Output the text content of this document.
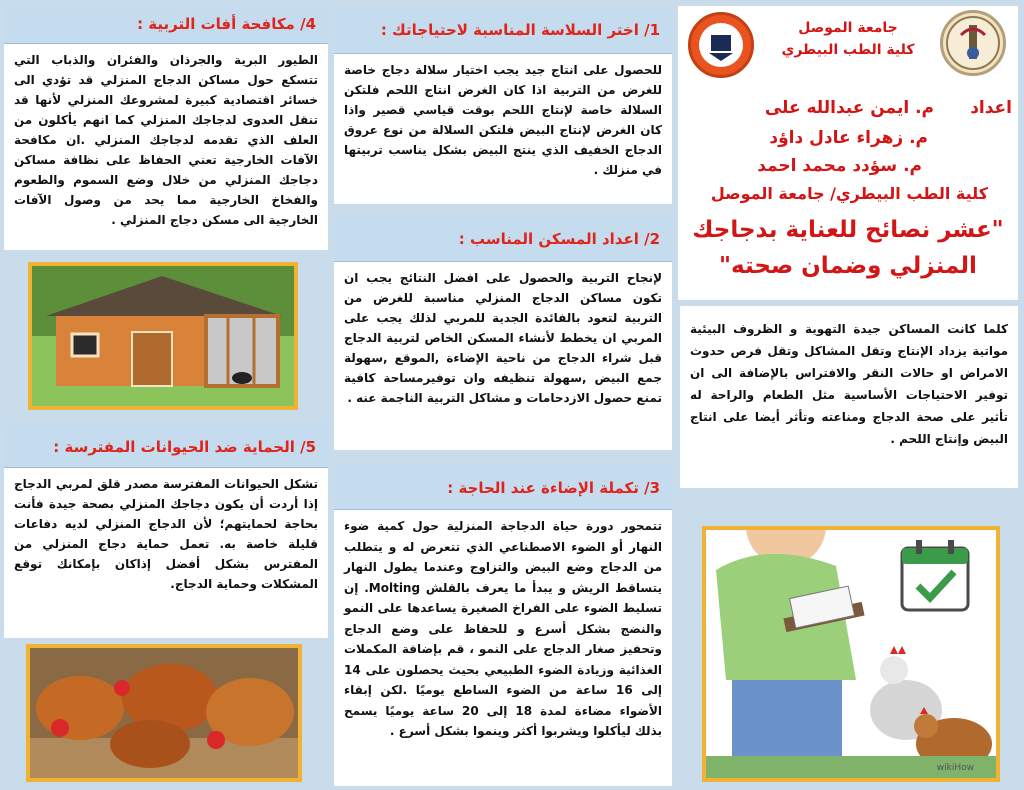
جامعة الموصل
كلية الطب البيطري
اعداد
م. ايمن عبدالله على
م. زهراء عادل داؤد
م. سؤدد محمد احمد
كلية الطب البيطري/ جامعة الموصل
"عشر نصائح للعناية بدجاجك
المنزلي وضمان صحته"
كلما كانت المساكن جيدة التهوية و الظروف البيئية مواتية يزداد الإنتاج وتقل المشاكل وتقل فرص حدوث الامراض او حالات النقر والافتراس بالإضافة الى ان توفير الاحتياجات الأساسية مثل الطعام والراحة له تأثير على صحة الدجاج ومناعته وتأثر أيضا على انتاج البيض وإنتاج اللحم .
wikiHow
1/ اختر السلاسة المناسبة لاحتياجاتك :
للحصول على انتاج جيد يجب اختيار سلالة دجاج خاصة للغرض من التربية اذا كان الغرض انتاج اللحم فلتكن السلالة خاصة لإنتاج اللحم بوقت قياسي قصير واذا كان الغرض لإنتاج البيض فلتكن السلالة من نوع عروق الدجاج الخفيف الذي ينتج البيض بشكل يناسب تربيتها في منزلك .
2/ اعداد المسكن المناسب :
لإنجاح التربية والحصول على افضل النتائج يجب ان تكون مساكن الدجاج المنزلي مناسبة للغرض من التربية لتعود بالفائدة الجدية للمربي لذلك يجب على المربي ان يخطط لأنشاء المسكن الخاص لتربية الدجاج قبل شراء الدجاج من ناحية الإضاءة ,الموقع ,سهولة جمع البيض ,سهولة تنظيفه وان توفيرمساحة كافية تمنع حصول الازدحامات و مشاكل التربية الناجمة عنه .
3/ تكملة الإضاءة عند الحاجة :
تتمحور دورة حياة الدجاجة المنزلية حول كمية ضوء النهار أو الضوء الاصطناعي الذي تتعرض له و يتطلب من الدجاج وضع البيض والتزاوج وعندما يطول النهار يتساقط الريش و يبدأ ما يعرف بالقلش Molting. إن تسليط الضوء على الفراخ الصغيرة يساعدها على النمو والنضج بشكل أسرع و للحفاظ على وضع الدجاج وتحفيز صغار الدجاج على النمو ، قم بإضافة المكملات الغذائية وزيادة الضوء الطبيعي بحيث يحصلون على 14 إلى 16 ساعة من الضوء الساطع يوميًا .لكن إبقاء الأضواء مضاءة لمدة 18 إلى 20 ساعة يوميًا يسمح بذلك ليأكلوا ويشربوا أكثر وينموا بشكل أسرع .
4/ مكافحة أفات التربية :
الطيور البرية والجرذان والفئران والذباب التي تتسكع حول مساكن الدجاج المنزلي قد تؤدي الى خسائر اقتصادية كبيرة لمشروعك المنزلي لأنها قد تنقل العدوى لدجاجك المنزلي كما انهم يأكلون من العلف الذي تقدمه لدجاجك المنزلي .ان مكافحة الآفات الخارجية تعني الحفاظ على نظافة مساكن دجاجك المنزلي من خلال وضع السموم والطعوم والفخاخ الخارجية مما يحد من وصول الآفات الخارجية الى مسكن دجاج المنزلي .
5/ الحماية ضد الحيوانات المفترسة :
تشكل الحيوانات المفترسة مصدر قلق لمربي الدجاج إذا أردت أن يكون دجاجك المنزلي بصحة جيدة فأنت بحاجة لحمايتهم؛ لأن الدجاج المنزلي لديه دفاعات قليلة خاصة به. تعمل حماية دجاج المنزلي من المفترس بشكل أفضل إذاكان بإمكانك توقع المشكلات وحماية الدجاج.
